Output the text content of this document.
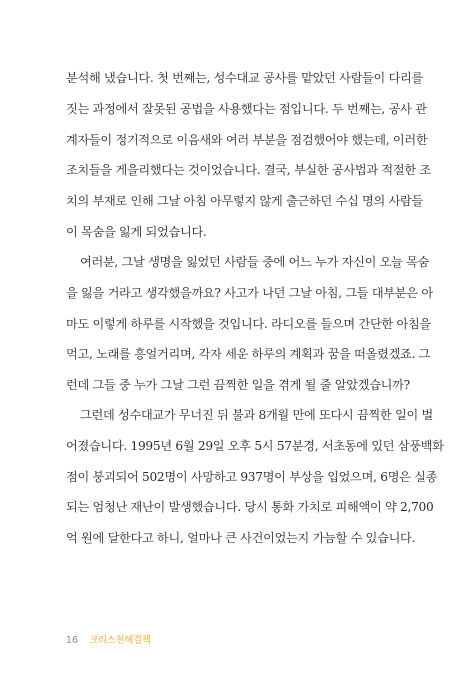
분석해 냈습니다. 첫 번째는, 성수대교 공사를 맡았던 사람들이 다리를
짓는 과정에서 잘못된 공법을 사용했다는 점입니다. 두 번째는, 공사 관
계자들이 정기적으로 이음새와 여러 부분을 점검했어야 했는데, 이러한
조치들을 게을리했다는 것이었습니다. 결국, 부실한 공사법과 적절한 조
치의 부재로 인해 그날 아침 아무렇지 않게 출근하던 수십 명의 사람들
이 목숨을 잃게 되었습니다.
여러분, 그날 생명을 잃었던 사람들 중에 어느 누가 자신이 오늘 목숨
을 잃을 거라고 생각했을까요? 사고가 나던 그날 아침, 그들 대부분은 아
마도 이렇게 하루를 시작했을 것입니다. 라디오를 들으며 간단한 아침을
먹고, 노래를 흥얼거리며, 각자 세운 하루의 계획과 꿈을 떠올렸겠죠. 그
런데 그들 중 누가 그날 그런 끔찍한 일을 겪게 될 줄 알았겠습니까?
그런데 성수대교가 무너진 뒤 불과 8개월 만에 또다시 끔찍한 일이 벌
어졌습니다. 1995년 6월 29일 오후 5시 57분경, 서초동에 있던 삼풍백화
점이 붕괴되어 502명이 사망하고 937명이 부상을 입었으며, 6명은 실종
되는 엄청난 재난이 발생했습니다. 당시 통화 가치로 피해액이 약 2,700
억 원에 달한다고 하니, 얼마나 큰 사건이었는지 가늠할 수 있습니다.
16 크리스천해결책
